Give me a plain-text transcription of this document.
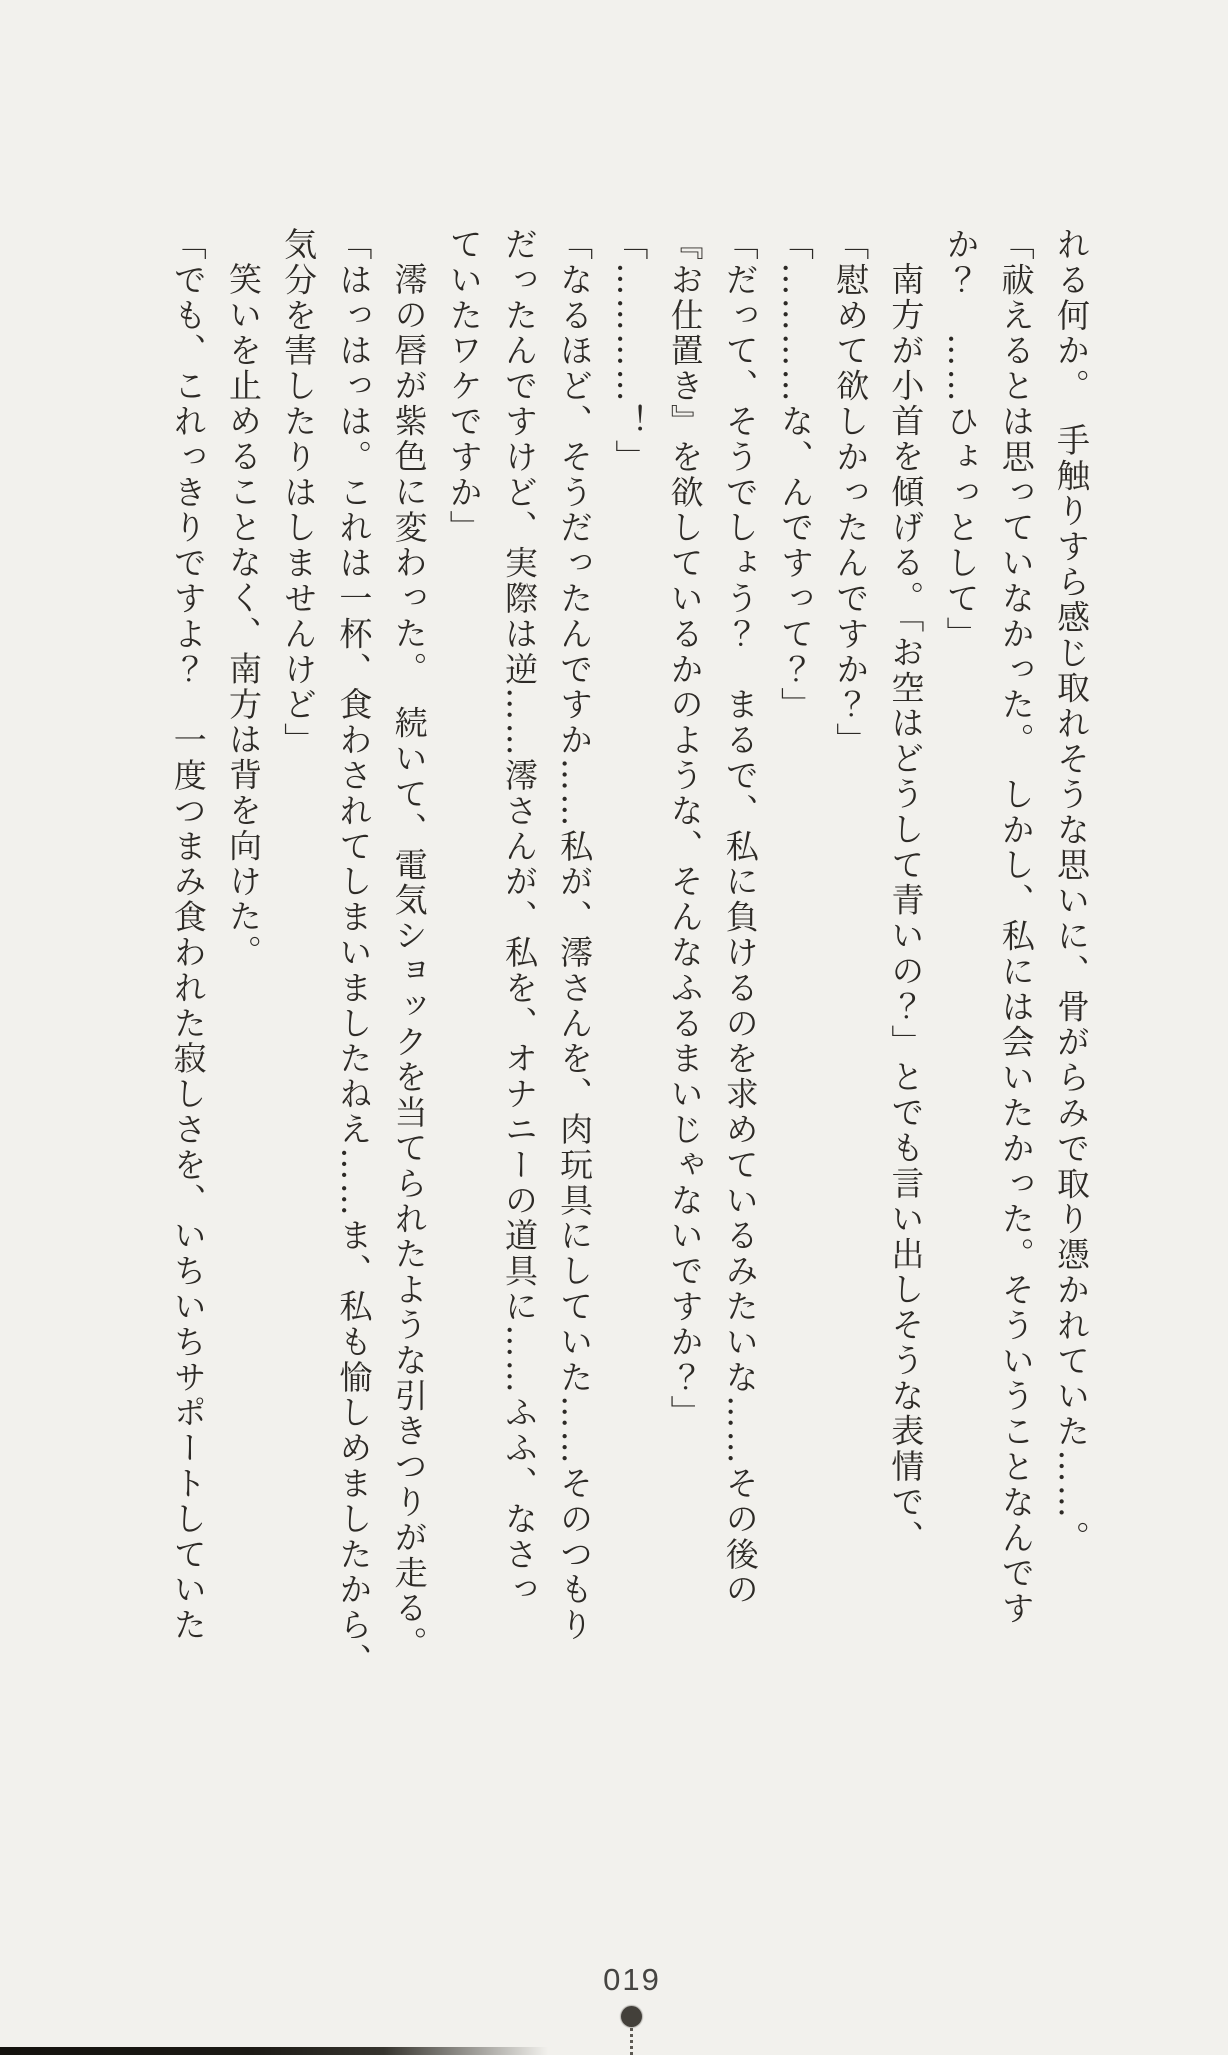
れる何か。　手触りすら感じ取れそうな思いに、骨がらみで取り憑かれていた……。

「祓えるとは思っていなかった。　しかし、私には会いたかった。そういうことなんです

か？　……ひょっとして」

南方が小首を傾げる。「お空はどうして青いの？」とでも言い出しそうな表情で、

「慰めて欲しかったんですか？」

「…………な、んですって？」

「だって、そうでしょう？　まるで、私に負けるのを求めているみたいな……その後の

『お仕置き』を欲しているかのような、そんなふるまいじゃないですか？」

「…………！」

「なるほど、そうだったんですか……私が、澪さんを、肉玩具にしていた……そのつもり

だったんですけど、実際は逆……澪さんが、私を、オナニーの道具に……ふふ、なさっ

ていたワケですか」

澪の唇が紫色に変わった。　続いて、電気ショックを当てられたような引きつりが走る。

「はっはっは。これは一杯、食わされてしまいましたねえ……ま、私も愉しめましたから、

気分を害したりはしませんけど」

笑いを止めることなく、南方は背を向けた。

「でも、これっきりですよ？　一度つまみ食われた寂しさを、いちいちサポートしていた

019
